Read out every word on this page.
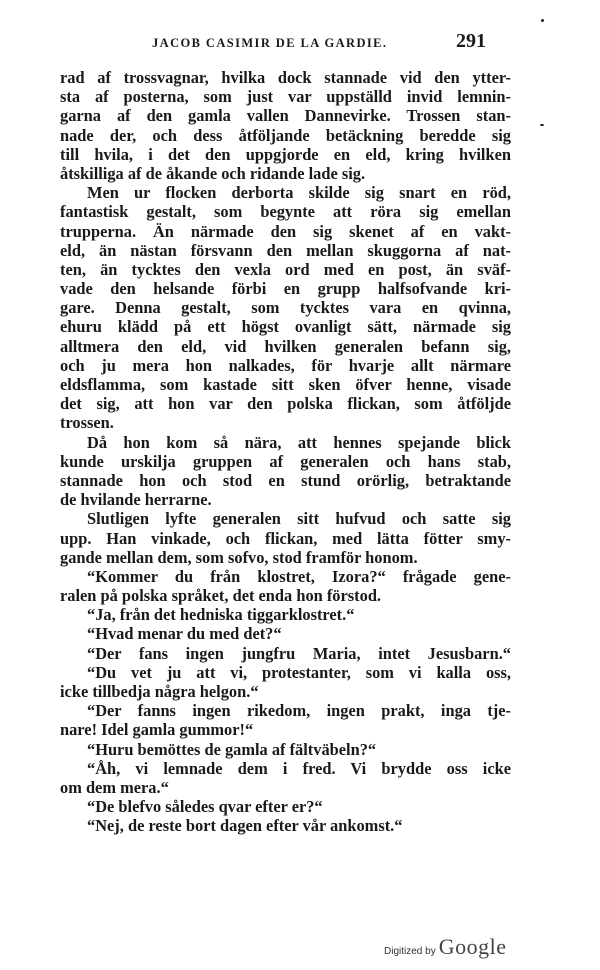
JACOB CASIMIR DE LA GARDIE.	291
rad af trossvagnar, hvilka dock stannade vid den ytter-
sta af posterna, som just var uppställd invid lemnin-
garna af den gamla vallen Dannevirke. Trossen stan-
nade der, och dess åtföljande betäckning beredde sig
till hvila, i det den uppgjorde en eld, kring hvilken
åtskilliga af de åkande och ridande lade sig.
Men ur flocken derborta skilde sig snart en röd,
fantastisk gestalt, som begynte att röra sig emellan
trupperna. Än närmade den sig skenet af en vakt-
eld, än nästan försvann den mellan skuggorna af nat-
ten, än tycktes den vexla ord med en post, än sväf-
vade den helsande förbi en grupp halfsofvande kri-
gare. Denna gestalt, som tycktes vara en qvinna,
ehuru klädd på ett högst ovanligt sätt, närmade sig
alltmera den eld, vid hvilken generalen befann sig,
och ju mera hon nalkades, för hvarje allt närmare
eldsflamma, som kastade sitt sken öfver henne, visade
det sig, att hon var den polska flickan, som åtföljde
trossen.
Då hon kom så nära, att hennes spejande blick
kunde urskilja gruppen af generalen och hans stab,
stannade hon och stod en stund orörlig, betraktande
de hvilande herrarne.
Slutligen lyfte generalen sitt hufvud och satte sig
upp. Han vinkade, och flickan, med lätta fötter smy-
gande mellan dem, som sofvo, stod framför honom.
“Kommer du från klostret, Izora?“ frågade gene-
ralen på polska språket, det enda hon förstod.
“Ja, från det hedniska tiggarklostret.“
“Hvad menar du med det?“
“Der fans ingen jungfru Maria, intet Jesusbarn.“
“Du vet ju att vi, protestanter, som vi kalla oss,
icke tillbedja några helgon.“
“Der fanns ingen rikedom, ingen prakt, inga tje-
nare! Idel gamla gummor!“
“Huru bemöttes de gamla af fältväbeln?“
“Åh, vi lemnade dem i fred. Vi brydde oss icke
om dem mera.“
“De blefvo således qvar efter er?“
“Nej, de reste bort dagen efter vår ankomst.“
Digitized by Google
